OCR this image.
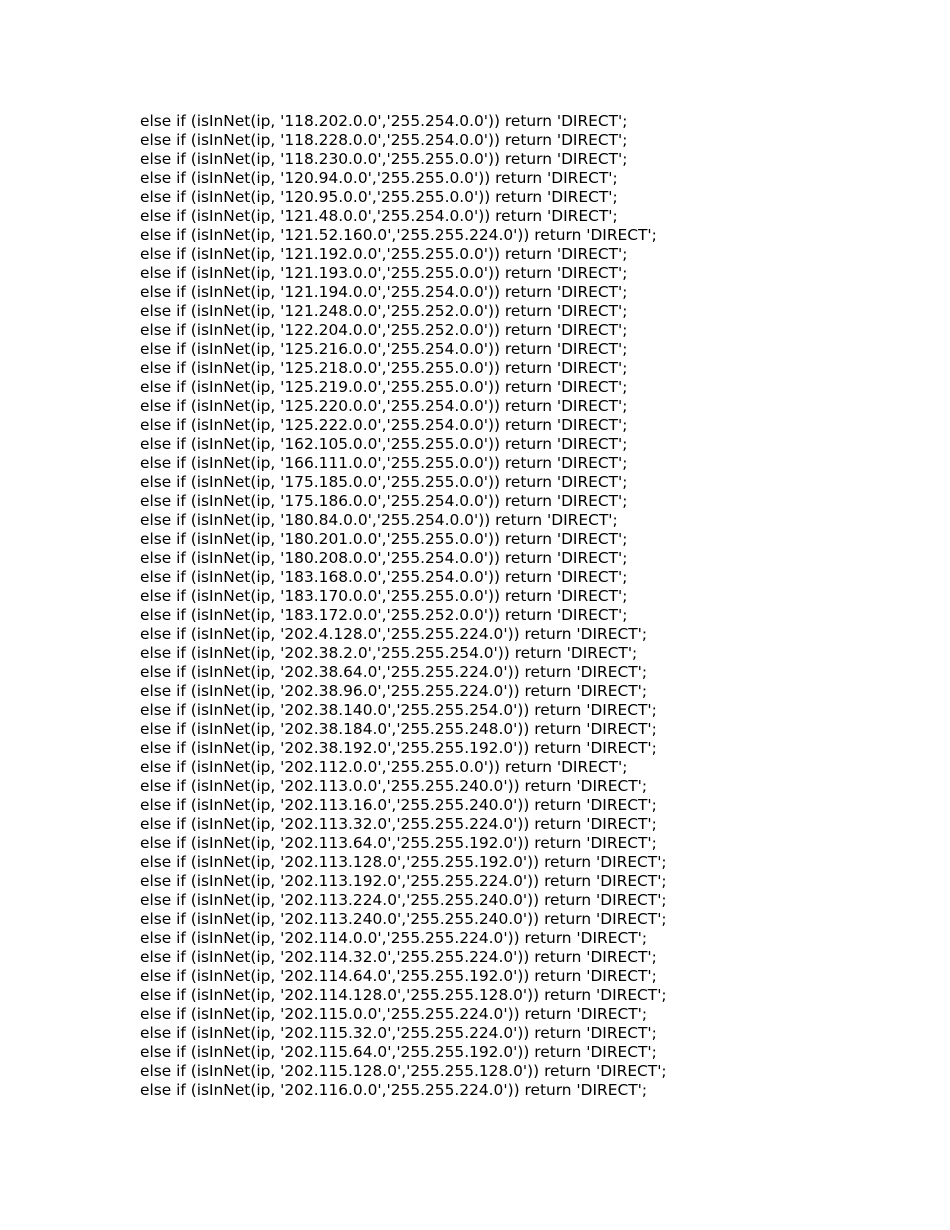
else if (isInNet(ip, '118.202.0.0','255.254.0.0')) return 'DIRECT';
else if (isInNet(ip, '118.228.0.0','255.254.0.0')) return 'DIRECT';
else if (isInNet(ip, '118.230.0.0','255.255.0.0')) return 'DIRECT';
else if (isInNet(ip, '120.94.0.0','255.255.0.0')) return 'DIRECT';
else if (isInNet(ip, '120.95.0.0','255.255.0.0')) return 'DIRECT';
else if (isInNet(ip, '121.48.0.0','255.254.0.0')) return 'DIRECT';
else if (isInNet(ip, '121.52.160.0','255.255.224.0')) return 'DIRECT';
else if (isInNet(ip, '121.192.0.0','255.255.0.0')) return 'DIRECT';
else if (isInNet(ip, '121.193.0.0','255.255.0.0')) return 'DIRECT';
else if (isInNet(ip, '121.194.0.0','255.254.0.0')) return 'DIRECT';
else if (isInNet(ip, '121.248.0.0','255.252.0.0')) return 'DIRECT';
else if (isInNet(ip, '122.204.0.0','255.252.0.0')) return 'DIRECT';
else if (isInNet(ip, '125.216.0.0','255.254.0.0')) return 'DIRECT';
else if (isInNet(ip, '125.218.0.0','255.255.0.0')) return 'DIRECT';
else if (isInNet(ip, '125.219.0.0','255.255.0.0')) return 'DIRECT';
else if (isInNet(ip, '125.220.0.0','255.254.0.0')) return 'DIRECT';
else if (isInNet(ip, '125.222.0.0','255.254.0.0')) return 'DIRECT';
else if (isInNet(ip, '162.105.0.0','255.255.0.0')) return 'DIRECT';
else if (isInNet(ip, '166.111.0.0','255.255.0.0')) return 'DIRECT';
else if (isInNet(ip, '175.185.0.0','255.255.0.0')) return 'DIRECT';
else if (isInNet(ip, '175.186.0.0','255.254.0.0')) return 'DIRECT';
else if (isInNet(ip, '180.84.0.0','255.254.0.0')) return 'DIRECT';
else if (isInNet(ip, '180.201.0.0','255.255.0.0')) return 'DIRECT';
else if (isInNet(ip, '180.208.0.0','255.254.0.0')) return 'DIRECT';
else if (isInNet(ip, '183.168.0.0','255.254.0.0')) return 'DIRECT';
else if (isInNet(ip, '183.170.0.0','255.255.0.0')) return 'DIRECT';
else if (isInNet(ip, '183.172.0.0','255.252.0.0')) return 'DIRECT';
else if (isInNet(ip, '202.4.128.0','255.255.224.0')) return 'DIRECT';
else if (isInNet(ip, '202.38.2.0','255.255.254.0')) return 'DIRECT';
else if (isInNet(ip, '202.38.64.0','255.255.224.0')) return 'DIRECT';
else if (isInNet(ip, '202.38.96.0','255.255.224.0')) return 'DIRECT';
else if (isInNet(ip, '202.38.140.0','255.255.254.0')) return 'DIRECT';
else if (isInNet(ip, '202.38.184.0','255.255.248.0')) return 'DIRECT';
else if (isInNet(ip, '202.38.192.0','255.255.192.0')) return 'DIRECT';
else if (isInNet(ip, '202.112.0.0','255.255.0.0')) return 'DIRECT';
else if (isInNet(ip, '202.113.0.0','255.255.240.0')) return 'DIRECT';
else if (isInNet(ip, '202.113.16.0','255.255.240.0')) return 'DIRECT';
else if (isInNet(ip, '202.113.32.0','255.255.224.0')) return 'DIRECT';
else if (isInNet(ip, '202.113.64.0','255.255.192.0')) return 'DIRECT';
else if (isInNet(ip, '202.113.128.0','255.255.192.0')) return 'DIRECT';
else if (isInNet(ip, '202.113.192.0','255.255.224.0')) return 'DIRECT';
else if (isInNet(ip, '202.113.224.0','255.255.240.0')) return 'DIRECT';
else if (isInNet(ip, '202.113.240.0','255.255.240.0')) return 'DIRECT';
else if (isInNet(ip, '202.114.0.0','255.255.224.0')) return 'DIRECT';
else if (isInNet(ip, '202.114.32.0','255.255.224.0')) return 'DIRECT';
else if (isInNet(ip, '202.114.64.0','255.255.192.0')) return 'DIRECT';
else if (isInNet(ip, '202.114.128.0','255.255.128.0')) return 'DIRECT';
else if (isInNet(ip, '202.115.0.0','255.255.224.0')) return 'DIRECT';
else if (isInNet(ip, '202.115.32.0','255.255.224.0')) return 'DIRECT';
else if (isInNet(ip, '202.115.64.0','255.255.192.0')) return 'DIRECT';
else if (isInNet(ip, '202.115.128.0','255.255.128.0')) return 'DIRECT';
else if (isInNet(ip, '202.116.0.0','255.255.224.0')) return 'DIRECT';
